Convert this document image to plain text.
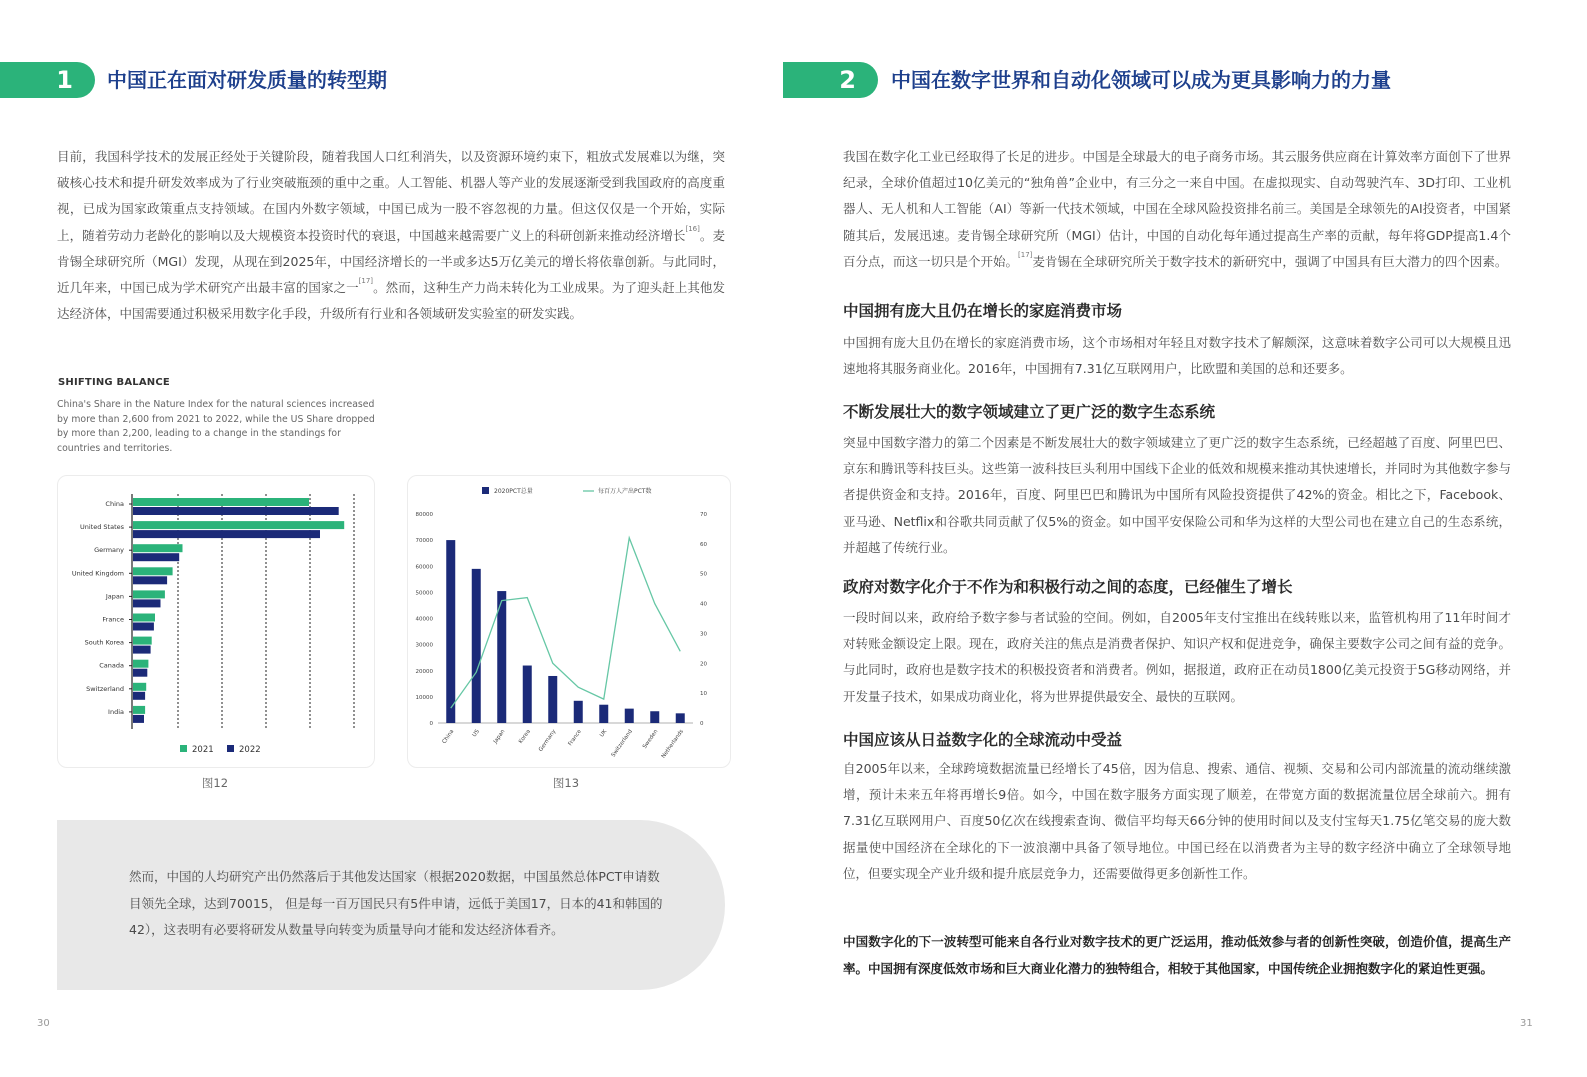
1	中国正在面对研发质量的转型期

目前，我国科学技术的发展正经处于关键阶段，随着我国人口红利消失，以及资源环境约束下，粗放式发展难以为继，突破核心技术和提升研发效率成为了行业突破瓶颈的重中之重。人工智能、机器人等产业的发展逐渐受到我国政府的高度重视，已成为国家政策重点支持领域。在国内外数字领域，中国已成为一股不容忽视的力量。但这仅仅是一个开始，实际上，随着劳动力老龄化的影响以及大规模资本投资时代的衰退，中国越来越需要广义上的科研创新来推动经济增长[16]。麦肯锡全球研究所（MGI）发现，从现在到2025年，中国经济增长的一半或多达5万亿美元的增长将依靠创新。与此同时，近几年来，中国已成为学术研究产出最丰富的国家之一[17]。然而，这种生产力尚未转化为工业成果。为了迎头赶上其他发达经济体，中国需要通过积极采用数字化手段，升级所有行业和各领域研发实验室的研发实践。

SHIFTING BALANCE

China's Share in the Nature Index for the natural sciences increased by more than 2,600 from 2021 to 2022, while the US Share dropped by more than 2,200, leading to a change in the standings for countries and territories.

China
United States
Germany
United Kingdom
Japan
France
South Korea
Canada
Switzerland
India
2021	2022
图12
0
10000
20000
30000
40000
50000
60000
70000
80000
0
10
20
30
40
50
60
70
China	US Japan Korea Germany France	UK Switzerland Sweden Netherlands
2020PCT总量	每百万人产出PCT数
图13

然而，中国的人均研究产出仍然落后于其他发达国家（根据2020数据，中国虽然总体PCT申请数目领先全球，达到70015， 但是每一百万国民只有5件申请，远低于美国17，日本的41和韩国的42），这表明有必要将研发从数量导向转变为质量导向才能和发达经济体看齐。

30
2	中国在数字世界和自动化领域可以成为更具影响力的力量

我国在数字化工业已经取得了长足的进步。中国是全球最大的电子商务市场。其云服务供应商在计算效率方面创下了世界纪录，全球价值超过10亿美元的“独角兽”企业中，有三分之一来自中国。在虚拟现实、自动驾驶汽车、3D打印、工业机器人、无人机和人工智能（AI）等新一代技术领域，中国在全球风险投资排名前三。美国是全球领先的AI投资者，中国紧随其后，发展迅速。麦肯锡全球研究所（MGI）估计，中国的自动化每年通过提高生产率的贡献，每年将GDP提高1.4个百分点，而这一切只是个开始。[17]麦肯锡在全球研究所关于数字技术的新研究中，强调了中国具有巨大潜力的四个因素。

中国拥有庞大且仍在增长的家庭消费市场

中国拥有庞大且仍在增长的家庭消费市场，这个市场相对年轻且对数字技术了解颇深，这意味着数字公司可以大规模且迅速地将其服务商业化。2016年，中国拥有7.31亿互联网用户，比欧盟和美国的总和还要多。

不断发展壮大的数字领域建立了更广泛的数字生态系统

突显中国数字潜力的第二个因素是不断发展壮大的数字领域建立了更广泛的数字生态系统，已经超越了百度、阿里巴巴、京东和腾讯等科技巨头。这些第一波科技巨头利用中国线下企业的低效和规模来推动其快速增长，并同时为其他数字参与者提供资金和支持。2016年，百度、阿里巴巴和腾讯为中国所有风险投资提供了42%的资金。相比之下，Facebook、亚马逊、Netflix和谷歌共同贡献了仅5%的资金。如中国平安保险公司和华为这样的大型公司也在建立自己的生态系统，并超越了传统行业。

政府对数字化介于不作为和积极行动之间的态度，已经催生了增长

一段时间以来，政府给予数字参与者试验的空间。例如，自2005年支付宝推出在线转账以来，监管机构用了11年时间才对转账金额设定上限。现在，政府关注的焦点是消费者保护、知识产权和促进竞争，确保主要数字公司之间有益的竞争。与此同时，政府也是数字技术的积极投资者和消费者。例如，据报道，政府正在动员1800亿美元投资于5G移动网络，并开发量子技术，如果成功商业化，将为世界提供最安全、最快的互联网。

中国应该从日益数字化的全球流动中受益

自2005年以来，全球跨境数据流量已经增长了45倍，因为信息、搜索、通信、视频、交易和公司内部流量的流动继续激增，预计未来五年将再增长9倍。如今，中国在数字服务方面实现了顺差，在带宽方面的数据流量位居全球前六。拥有7.31亿互联网用户、百度50亿次在线搜索查询、微信平均每天66分钟的使用时间以及支付宝每天1.75亿笔交易的庞大数据量使中国经济在全球化的下一波浪潮中具备了领导地位。中国已经在以消费者为主导的数字经济中确立了全球领导地位，但要实现全产业升级和提升底层竞争力，还需要做得更多创新性工作。

中国数字化的下一波转型可能来自各行业对数字技术的更广泛运用，推动低效参与者的创新性突破，创造价值，提高生产率。中国拥有深度低效市场和巨大商业化潜力的独特组合，相较于其他国家，中国传统企业拥抱数字化的紧迫性更强。

31
